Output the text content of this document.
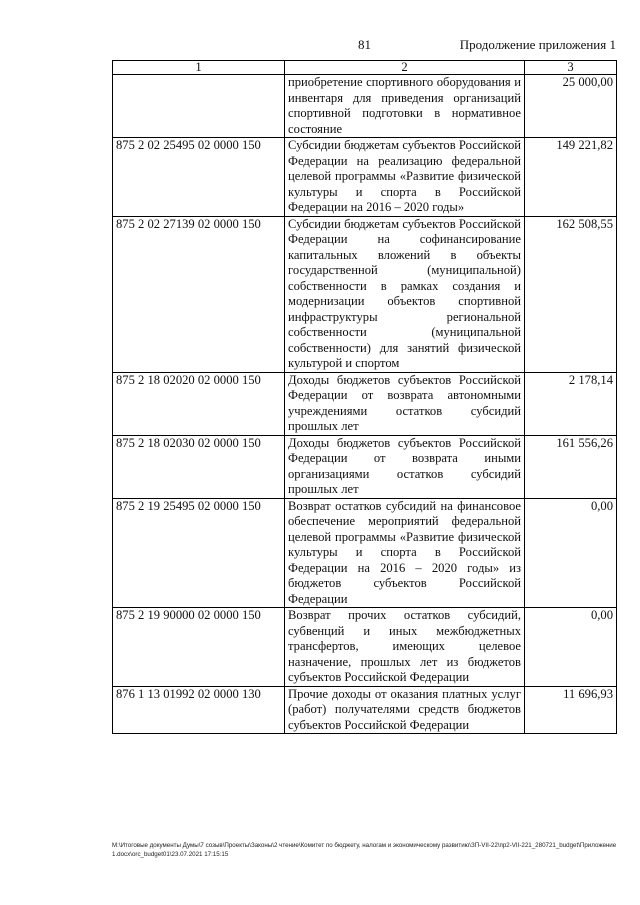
81	Продолжение приложения 1
1	2	3
	приобретение спортивного оборудования и инвентаря для приведения организаций спортивной подготовки в нормативное состояние	25 000,00
875 2 02 25495 02 0000 150	Субсидии бюджетам субъектов Российской Федерации на реализацию федеральной целевой программы «Развитие физической культуры и спорта в Российской Федерации на 2016 – 2020 годы»	149 221,82
875 2 02 27139 02 0000 150	Субсидии бюджетам субъектов Российской Федерации на софинансирование капитальных вложений в объекты государственной (муниципальной) собственности в рамках создания и модернизации объектов спортивной инфраструктуры региональной собственности (муниципальной собственности) для занятий физической культурой и спортом	162 508,55
875 2 18 02020 02 0000 150	Доходы бюджетов субъектов Российской Федерации от возврата автономными учреждениями остатков субсидий прошлых лет	2 178,14
875 2 18 02030 02 0000 150	Доходы бюджетов субъектов Российской Федерации от возврата иными организациями остатков субсидий прошлых лет	161 556,26
875 2 19 25495 02 0000 150	Возврат остатков субсидий на финансовое обеспечение мероприятий федеральной целевой программы «Развитие физической культуры и спорта в Российской Федерации на 2016 – 2020 годы» из бюджетов субъектов Российской Федерации	0,00
875 2 19 90000 02 0000 150	Возврат прочих остатков субсидий, субвенций и иных межбюджетных трансфертов, имеющих целевое назначение, прошлых лет из бюджетов субъектов Российской Федерации	0,00
876 1 13 01992 02 0000 130	Прочие доходы от оказания платных услуг (работ) получателями средств бюджетов субъектов Российской Федерации	11 696,93
M:\Итоговые документы Думы\7 созыв\Проекты\Законы\2 чтение\Комитет по бюджету, налогам и экономическому развитию\ЗП-VII-22\пр2-VII-221_280721_budget\Приложение 1.docx\orc_budget01\23.07.2021 17:15:15
